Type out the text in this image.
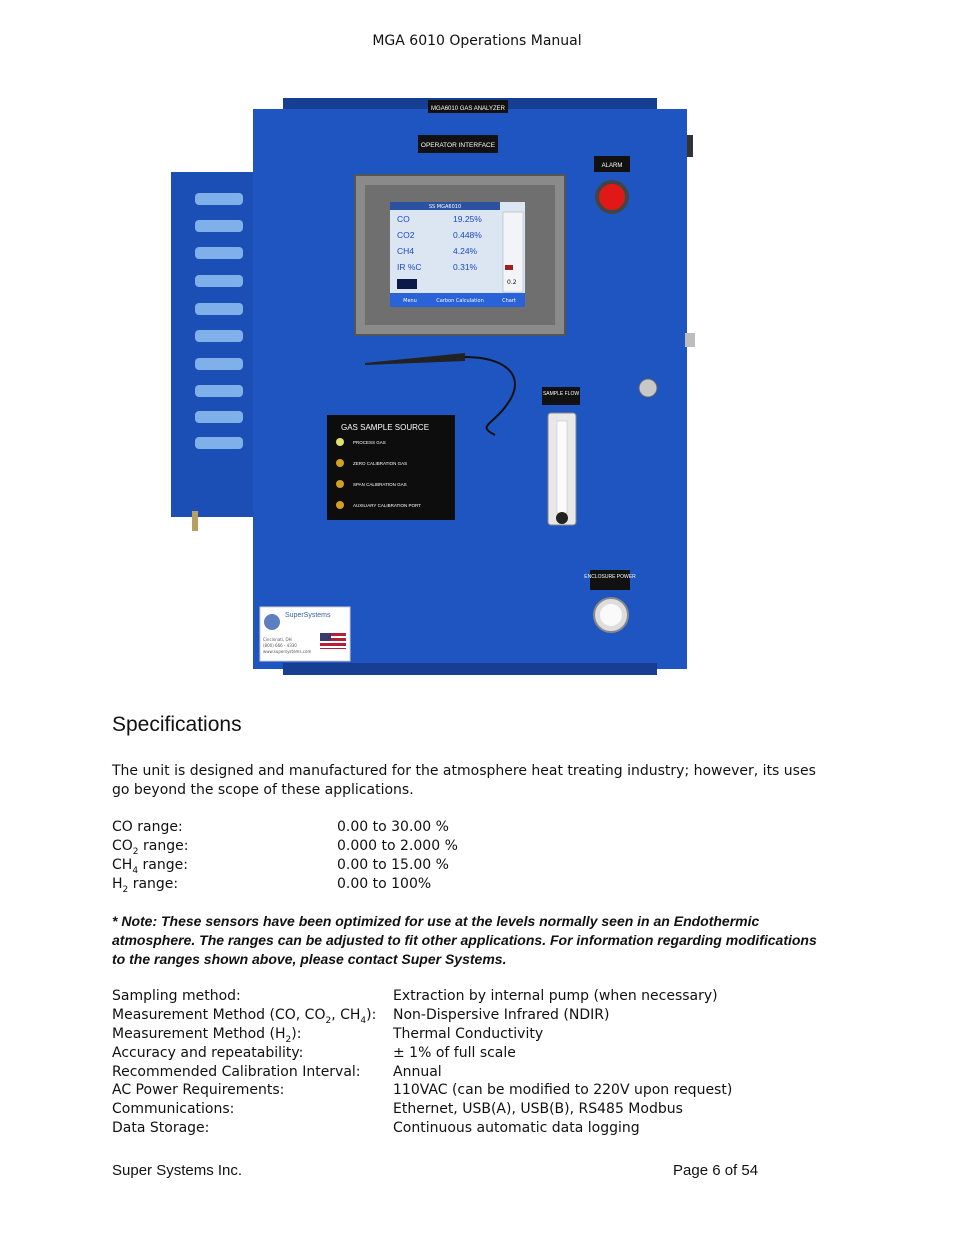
MGA 6010 Operations Manual
MGA6010 GAS ANALYZER
OPERATOR INTERFACE
SS MGA6010
CO	19.25%
CO2	0.448%
CH4	4.24%
IR %C	0.31%
0.2
Menu	Carbon Calculation	Chart
ALARM
GAS SAMPLE SOURCE
PROCESS GAS
ZERO CALIBRATION GAS
SPAN CALIBRATION GAS
AUXILIARY CALIBRATION PORT
SAMPLE FLOW
ENCLOSURE POWER
SuperSystems
Cincinnati, OH
(800) 666 - 4330
www.supersystems.com
Specifications
The unit is designed and manufactured for the atmosphere heat treating industry; however, its uses go beyond the scope of these applications.
CO range:	0.00 to 30.00 %
$CO_2$ range:	0.000 to 2.000 %
$CH_4$ range:	0.00 to 15.00 %
$H_2$ range:	0.00 to 100%
* Note: These sensors have been optimized for use at the levels normally seen in an Endothermic atmosphere. The ranges can be adjusted to fit other applications. For information regarding modifications to the ranges shown above, please contact Super Systems.
Sampling method:	Extraction by internal pump (when necessary)
Measurement Method (CO, $CO_2$, $CH_4$): Non-Dispersive Infrared (NDIR)
Measurement Method $(H_2)$:	Thermal Conductivity
Accuracy and repeatability:	± 1% of full scale
Recommended Calibration Interval: Annual
AC Power Requirements:	110VAC (can be modified to 220V upon request)
Communications:	Ethernet, USB(A), USB(B), RS485 Modbus
Data Storage:	Continuous automatic data logging
Super Systems Inc.	Page 6 of 54
